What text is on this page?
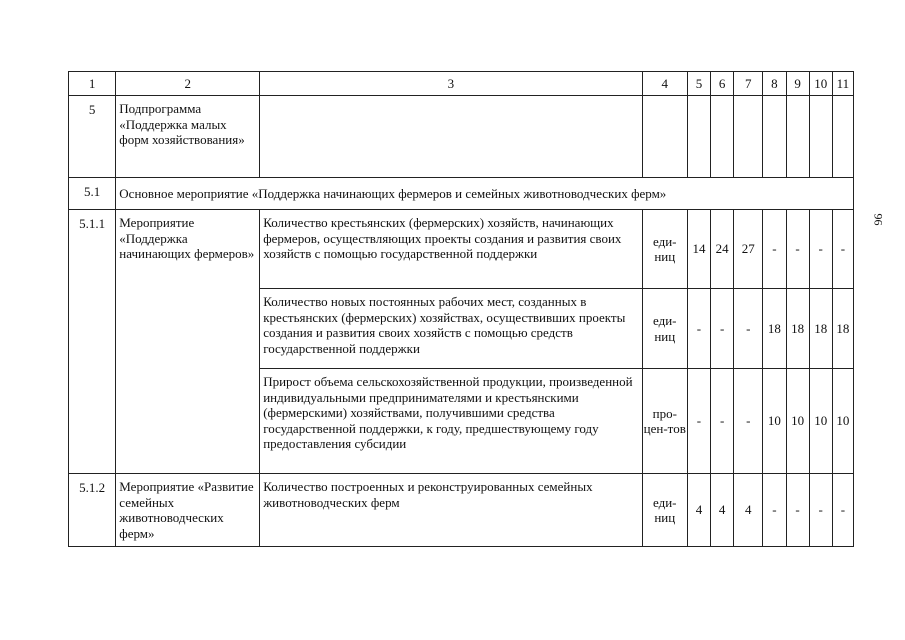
1	2	3	4	5	6	7	8	9	10	11
5	Подпрограмма «Поддержка малых форм хозяйствования»									
5.1	Основное мероприятие «Поддержка начинающих фермеров и семейных животноводческих ферм»									
5.1.1	Мероприятие «Поддержка начинающих фермеров»	Количество крестьянских (фермерских) хозяйств, начинающих фермеров, осуществляющих проекты создания и развития своих хозяйств с помощью государственной поддержки	еди-ниц	14	24	27	-	-	-	-
		Количество новых постоянных рабочих мест, созданных в крестьянских (фермерских) хозяйствах, осуществивших проекты создания и развития своих хозяйств с помощью средств государственной поддержки	еди-ниц	-	-	-	18	18	18	18
		Прирост объема сельскохозяйственной продукции, произведенной индивидуальными предпринимателями и крестьянскими (фермерскими) хозяйствами, получившими средства государственной поддержки, к году, предшествующему году предоставления субсидии	про-цен-тов	-	-	-	10	10	10	10
5.1.2	Мероприятие «Развитие семейных животноводческих ферм»	Количество построенных и реконструированных семейных животноводческих ферм	еди-ниц	4	4	4	-	-	-	-
96
